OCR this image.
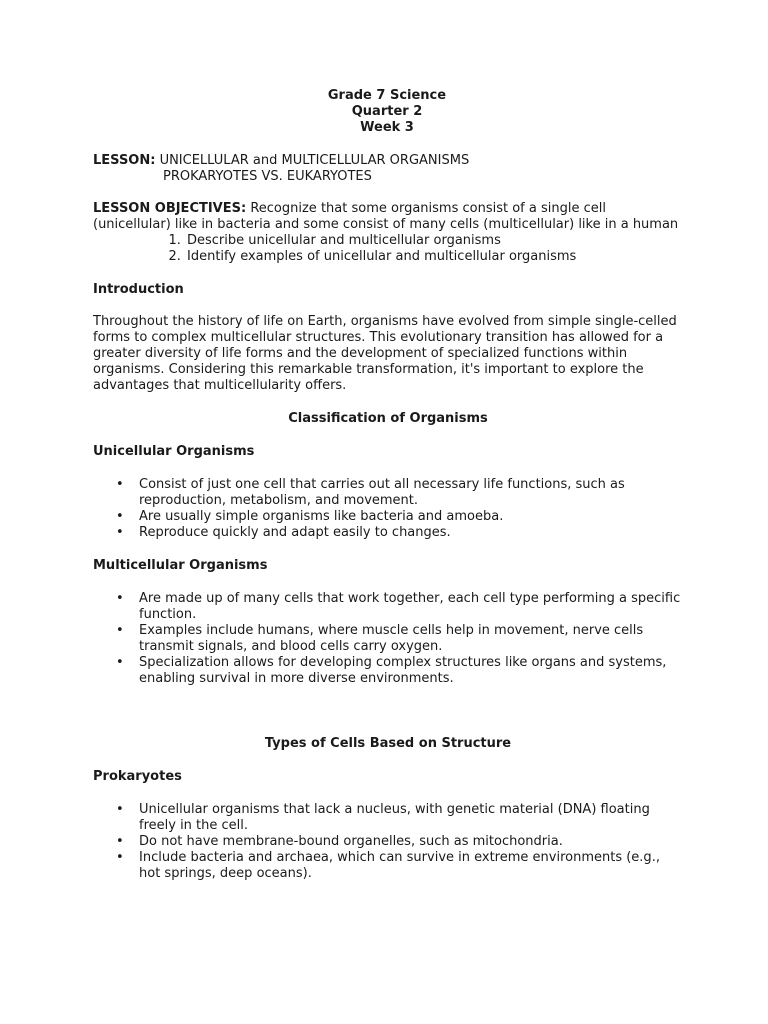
Grade 7 Science
Quarter 2
Week 3
LESSON: UNICELLULAR and MULTICELLULAR ORGANISMS
PROKARYOTES VS. EUKARYOTES

LESSON OBJECTIVES: Recognize that some organisms consist of a single cell (unicellular) like in bacteria and some consist of many cells (multicellular) like in a human

1. Describe unicellular and multicellular organisms
2. Identify examples of unicellular and multicellular organisms
Introduction

Throughout the history of life on Earth, organisms have evolved from simple single-celled forms to complex multicellular structures. This evolutionary transition has allowed for a greater diversity of life forms and the development of specialized functions within organisms. Considering this remarkable transformation, it's important to explore the advantages that multicellularity offers.

Classification of Organisms
Unicellular Organisms
• Consist of just one cell that carries out all necessary life functions, such as reproduction, metabolism, and movement.
• Are usually simple organisms like bacteria and amoeba.
• Reproduce quickly and adapt easily to changes.
Multicellular Organisms
• Are made up of many cells that work together, each cell type performing a specific function.
• Examples include humans, where muscle cells help in movement, nerve cells transmit signals, and blood cells carry oxygen.
• Specialization allows for developing complex structures like organs and systems, enabling survival in more diverse environments.
Types of Cells Based on Structure
Prokaryotes
• Unicellular organisms that lack a nucleus, with genetic material (DNA) floating freely in the cell.
• Do not have membrane-bound organelles, such as mitochondria.
• Include bacteria and archaea, which can survive in extreme environments (e.g., hot springs, deep oceans).
